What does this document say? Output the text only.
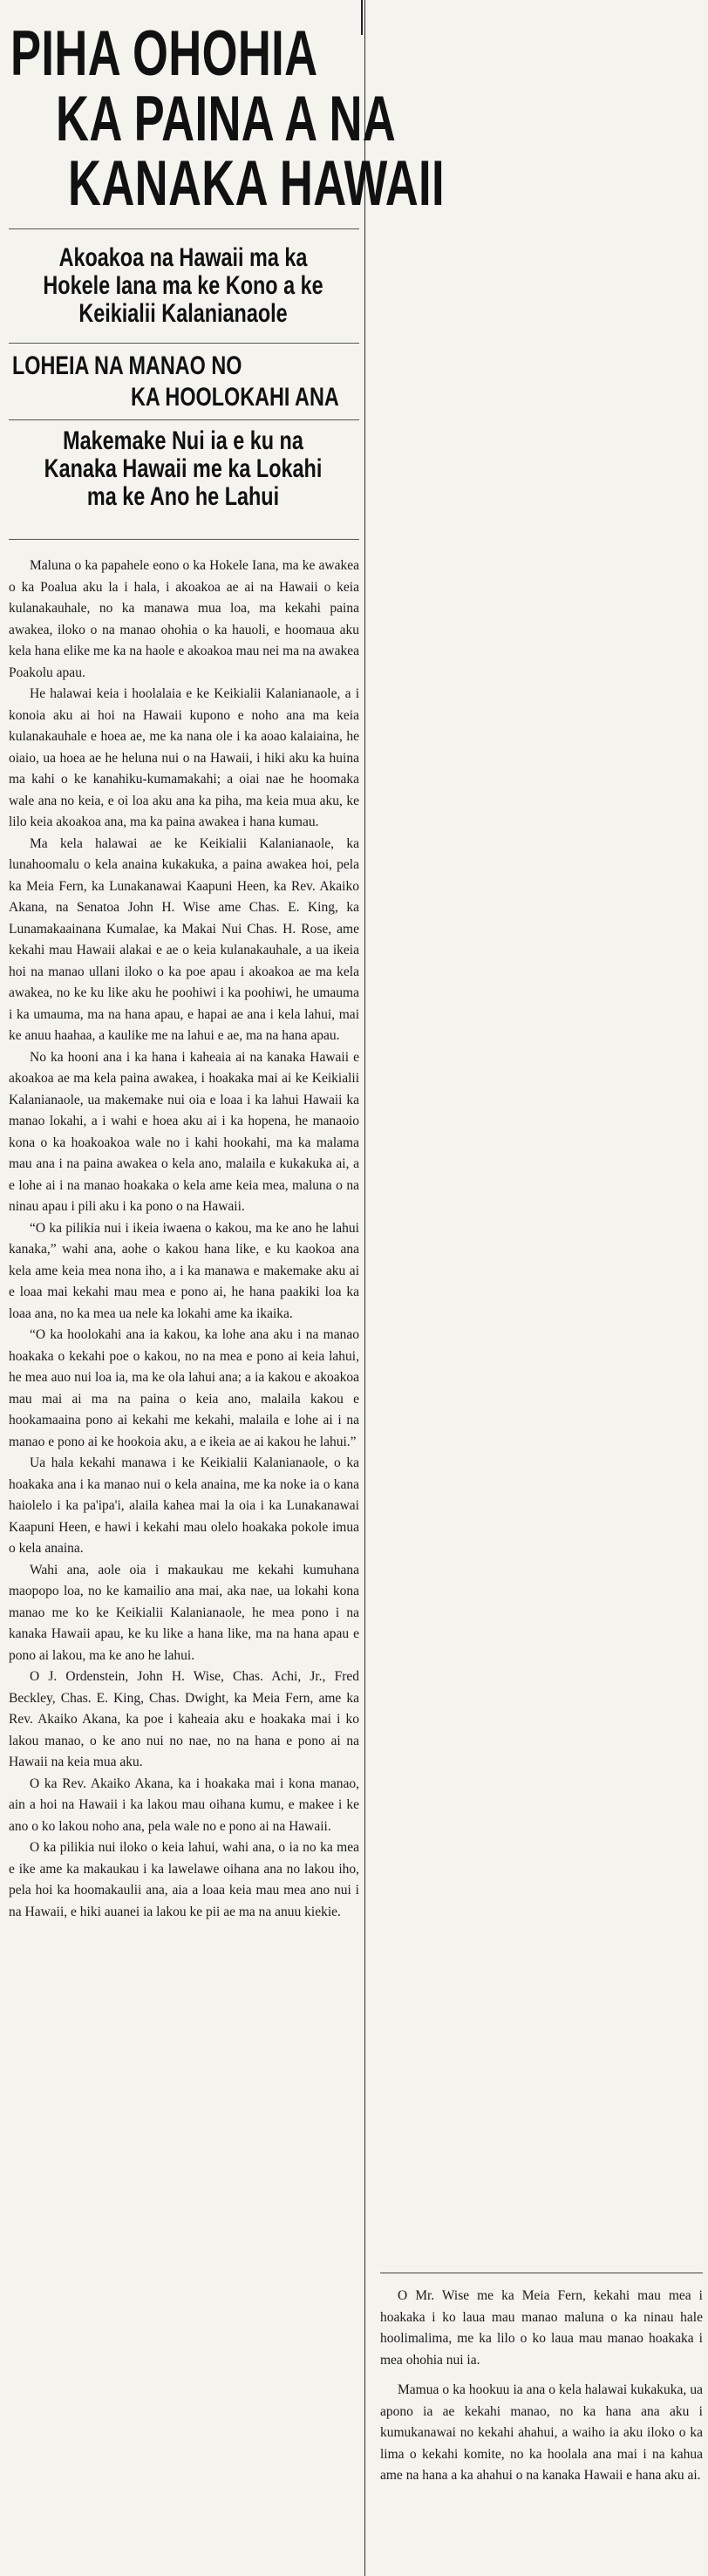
PIHA OHOHIA
KA PAINA A NA
KANAKA HAWAII
Akoakoa na Hawaii ma ka Hokele Iana ma ke Kono a ke Keikialii Kalanianaole
LOHEIA NA MANAO NO
KA HOOLOKAHI ANA
Makemake Nui ia e ku na Kanaka Hawaii me ka Lokahi ma ke Ano he Lahui

Maluna o ka papahele eono o ka Hokele Iana, ma ke awakea o ka Poalua aku la i hala, i akoakoa ae ai na Hawaii o keia kulanakauhale, no ka manawa mua loa, ma kekahi paina awakea, iloko o na manao ohohia o ka hauoli, e hoomaua aku kela hana elike me ka na haole e akoakoa mau nei ma na awakea Poakolu apau.

He halawai keia i hoolalaia e ke Keikialii Kalanianaole, a i konoia aku ai hoi na Hawaii kupono e noho ana ma keia kulanakauhale e hoea ae, me ka nana ole i ka aoao kalaiaina, he oiaio, ua hoea ae he heluna nui o na Hawaii, i hiki aku ka huina ma kahi o ke kanahiku-kumamakahi; a oiai nae he hoomaka wale ana no keia, e oi loa aku ana ka piha, ma keia mua aku, ke lilo keia akoakoa ana, ma ka paina awakea i hana kumau.

Ma kela halawai ae ke Keikialii Kalanianaole, ka lunahoomalu o kela anaina kukakuka, a paina awakea hoi, pela ka Meia Fern, ka Lunakanawai Kaapuni Heen, ka Rev. Akaiko Akana, na Senatoa John H. Wise ame Chas. E. King, ka Lunamakaainana Kumalae, ka Makai Nui Chas. H. Rose, ame kekahi mau Hawaii alakai e ae o keia kulanakauhale, a ua ikeia hoi na manao ullani iloko o ka poe apau i akoakoa ae ma kela awakea, no ke ku like aku he poohiwi i ka poohiwi, he umauma i ka umauma, ma na hana apau, e hapai ae ana i kela lahui, mai ke anuu haahaa, a kaulike me na lahui e ae, ma na hana apau.

No ka hooni ana i ka hana i kaheaia ai na kanaka Hawaii e akoakoa ae ma kela paina awakea, i hoakaka mai ai ke Keikialii Kalanianaole, ua makemake nui oia e loaa i ka lahui Hawaii ka manao lokahi, a i wahi e hoea aku ai i ka hopena, he manaoio kona o ka hoakoakoa wale no i kahi hookahi, ma ka malama mau ana i na paina awakea o kela ano, malaila e kukakuka ai, a e lohe ai i na manao hoakaka o kela ame keia mea, maluna o na ninau apau i pili aku i ka pono o na Hawaii.

“O ka pilikia nui i ikeia iwaena o kakou, ma ke ano he lahui kanaka,” wahi ana, aohe o kakou hana like, e ku kaokoa ana kela ame keia mea nona iho, a i ka manawa e makemake aku ai e loaa mai kekahi mau mea e pono ai, he hana paakiki loa ka loaa ana, no ka mea ua nele ka lokahi ame ka ikaika.

“O ka hoolokahi ana ia kakou, ka lohe ana aku i na manao hoakaka o kekahi poe o kakou, no na mea e pono ai keia lahui, he mea auo nui loa ia, ma ke ola lahui ana; a ia kakou e akoakoa mau mai ai ma na paina o keia ano, malaila kakou e hookamaaina pono ai kekahi me kekahi, malaila e lohe ai i na manao e pono ai ke hookoia aku, a e ikeia ae ai kakou he lahui.”

Ua hala kekahi manawa i ke Keikialii Kalanianaole, o ka hoakaka ana i ka manao nui o kela anaina, me ka noke ia o kana haiolelo i ka pa'ipa'i, alaila kahea mai la oia i ka Lunakanawai Kaapuni Heen, e hawi i kekahi mau olelo hoakaka pokole imua o kela anaina.

Wahi ana, aole oia i makaukau me kekahi kumuhana maopopo loa, no ke kamailio ana mai, aka nae, ua lokahi kona manao me ko ke Keikialii Kalanianaole, he mea pono i na kanaka Hawaii apau, ke ku like a hana like, ma na hana apau e pono ai lakou, ma ke ano he lahui.

O J. Ordenstein, John H. Wise, Chas. Achi, Jr., Fred Beckley, Chas. E. King, Chas. Dwight, ka Meia Fern, ame ka Rev. Akaiko Akana, ka poe i kaheaia aku e hoakaka mai i ko lakou manao, o ke ano nui no nae, no na hana e pono ai na Hawaii na keia mua aku.

O ka Rev. Akaiko Akana, ka i hoakaka mai i kona manao, ain a hoi na Hawaii i ka lakou mau oihana kumu, e makee i ke ano o ko lakou noho ana, pela wale no e pono ai na Hawaii.

O ka pilikia nui iloko o keia lahui, wahi ana, o ia no ka mea e ike ame ka makaukau i ka lawelawe oihana ana no lakou iho, pela hoi ka hoomakaulii ana, aia a loaa keia mau mea ano nui i na Hawaii, e hiki auanei ia lakou ke pii ae ma na anuu kiekie.

O Mr. Wise me ka Meia Fern, kekahi mau mea i hoakaka i ko laua mau manao maluna o ka ninau hale hoolimalima, me ka lilo o ko laua mau manao hoakaka i mea ohohia nui ia.

Mamua o ka hookuu ia ana o kela halawai kukakuka, ua apono ia ae kekahi manao, no ka hana ana aku i kumukanawai no kekahi ahahui, a waiho ia aku iloko o ka lima o kekahi komite, no ka hoolala ana mai i na kahua ame na hana a ka ahahui o na kanaka Hawaii e hana aku ai.
